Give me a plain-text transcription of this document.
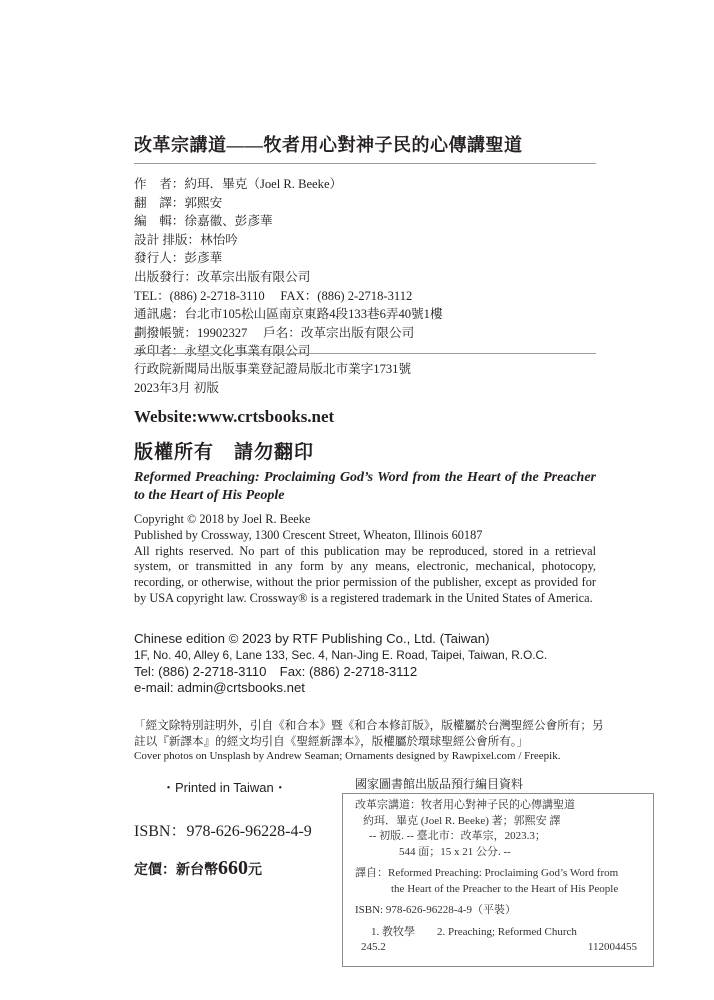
改革宗講道——牧者用心對神子民的心傳講聖道
作　者：約珥．畢克（Joel R. Beeke）
翻　譯：郭熙安
編　輯：徐嘉徽、彭彥華
設計 排版：林怡吟
發行人：彭彥華
出版發行：改革宗出版有限公司
TEL：(886) 2-2718-3110　 FAX：(886) 2-2718-3112
通訊處：台北市105松山區南京東路4段133巷6弄40號1樓
劃撥帳號：19902327　 戶名：改革宗出版有限公司
承印者：永望文化事業有限公司
行政院新聞局出版事業登記證局版北市業字1731號
2023年3月 初版
Website:www.crtsbooks.net
版權所有　請勿翻印
Reformed Preaching: Proclaiming God’s Word from the Heart of the Preacher to the Heart of His People
Copyright © 2018 by Joel R. Beeke
Published by Crossway, 1300 Crescent Street, Wheaton, Illinois 60187
All rights reserved. No part of this publication may be reproduced, stored in a retrieval system, or transmitted in any form by any means, electronic, mechanical, photocopy, recording, or otherwise, without the prior permission of the publisher, except as provided for by USA copyright law. Crossway® is a registered trademark in the United States of America.
Chinese edition © 2023 by RTF Publishing Co., Ltd. (Taiwan)
1F, No. 40, Alley 6, Lane 133, Sec. 4, Nan-Jing E. Road, Taipei, Taiwan, R.O.C.
Tel: (886) 2-2718-3110　Fax: (886) 2-2718-3112
e-mail: admin@crtsbooks.net
「經文除特別註明外，引自《和合本》暨《和合本修訂版》，版權屬於台灣聖經公會所有；另註以『新譯本』的經文均引自《聖經新譯本》，版權屬於環球聖經公會所有。」
Cover photos on Unsplash by Andrew Seaman; Ornaments designed by Rawpixel.com / Freepik.
・Printed in Taiwan・
ISBN：978-626-96228-4-9
定價：新台幣660元
國家圖書館出版品預行編目資料
改革宗講道：牧者用心對神子民的心傳講聖道
約珥．畢克 (Joel R. Beeke) 著；郭熙安 譯
-- 初版. -- 臺北市：改革宗，2023.3；
544 面；15 x 21 公分. --
譯自：Reformed Preaching: Proclaiming God’s Word from
the Heart of the Preacher to the Heart of His People
ISBN: 978-626-96228-4-9（平裝）
1. 教牧學 2. Preaching; Reformed Church
245.2	112004455
